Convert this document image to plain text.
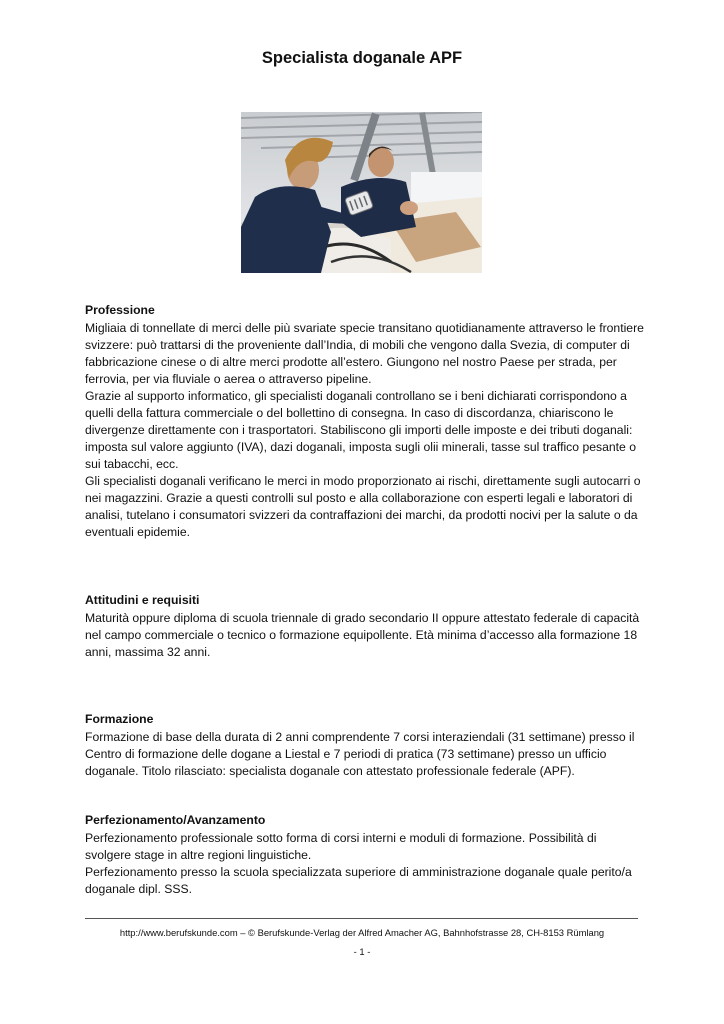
Specialista doganale APF
Professione

Migliaia di tonnellate di merci delle più svariate specie transitano quotidianamente attraverso le frontiere svizzere: può trattarsi di the proveniente dall’India, di mobili che vengono dalla Svezia, di computer di fabbricazione cinese o di altre merci prodotte all’estero. Giungono nel nostro Paese per strada, per ferrovia, per via fluviale o aerea o attraverso pipeline.

Grazie al supporto informatico, gli specialisti doganali controllano se i beni dichiarati corrispondono a quelli della fattura commerciale o del bollettino di consegna. In caso di discordanza, chiariscono le divergenze direttamente con i trasportatori. Stabiliscono gli importi delle imposte e dei tributi doganali: imposta sul valore aggiunto (IVA), dazi doganali, imposta sugli olii minerali, tasse sul traffico pesante o sui tabacchi, ecc.

Gli specialisti doganali verificano le merci in modo proporzionato ai rischi, direttamente sugli autocarri o nei magazzini. Grazie a questi controlli sul posto e alla collaborazione con esperti legali e laboratori di analisi, tutelano i consumatori svizzeri da contraffazioni dei marchi, da prodotti nocivi per la salute o da eventuali epidemie.

Attitudini e requisiti

Maturità oppure diploma di scuola triennale di grado secondario II oppure attestato federale di capacità nel campo commerciale o tecnico o formazione equipollente. Età minima d’accesso alla formazione 18 anni, massima 32 anni.

Formazione

Formazione di base della durata di 2 anni comprendente 7 corsi interaziendali (31 settimane) presso il Centro di formazione delle dogane a Liestal e 7 periodi di pratica (73 settimane) presso un ufficio doganale. Titolo rilasciato: specialista doganale con attestato professionale federale (APF).

Perfezionamento/Avanzamento

Perfezionamento professionale sotto forma di corsi interni e moduli di formazione. Possibilità di svolgere stage in altre regioni linguistiche.

Perfezionamento presso la scuola specializzata superiore di amministrazione doganale quale perito/a doganale dipl. SSS.

http://www.berufskunde.com – © Berufskunde-Verlag der Alfred Amacher AG, Bahnhofstrasse 28, CH-8153 Rümlang
- 1 -
